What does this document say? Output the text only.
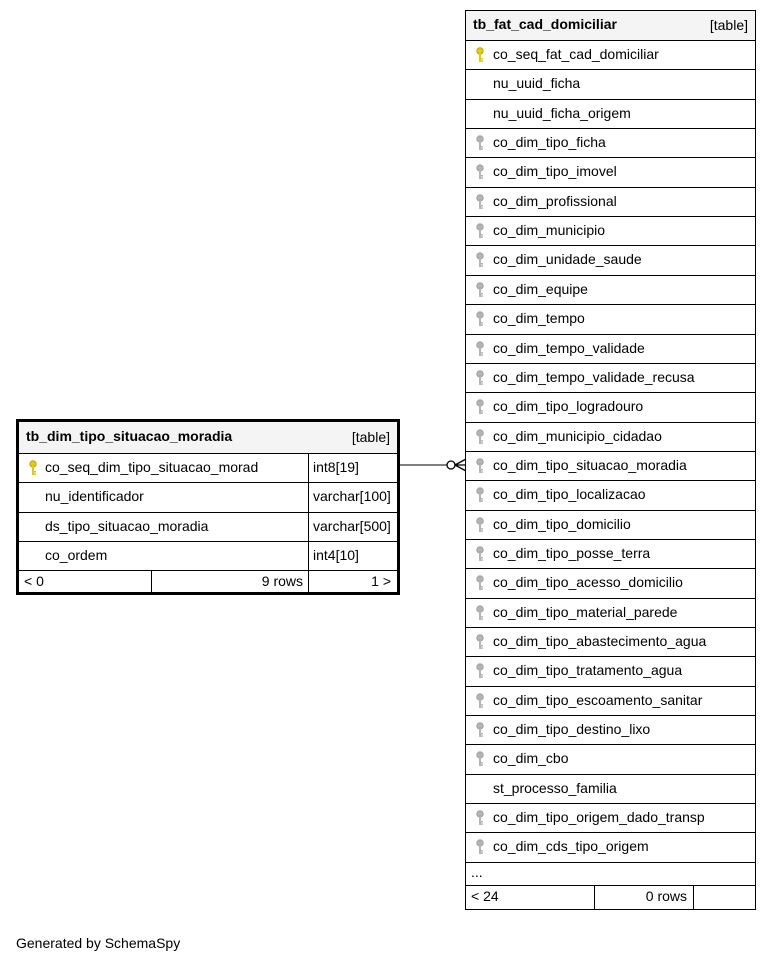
tb_dim_tipo_situacao_moradia	[table]
co_seq_dim_tipo_situacao_morad	int8[19]
nu_identificador	varchar[100]
ds_tipo_situacao_moradia	varchar[500]
co_ordem	int4[10]
< 0	9 rows	1 >
tb_fat_cad_domiciliar	[table]
co_seq_fat_cad_domiciliar
nu_uuid_ficha
nu_uuid_ficha_origem
co_dim_tipo_ficha
co_dim_tipo_imovel
co_dim_profissional
co_dim_municipio
co_dim_unidade_saude
co_dim_equipe
co_dim_tempo
co_dim_tempo_validade
co_dim_tempo_validade_recusa
co_dim_tipo_logradouro
co_dim_municipio_cidadao
co_dim_tipo_situacao_moradia
co_dim_tipo_localizacao
co_dim_tipo_domicilio
co_dim_tipo_posse_terra
co_dim_tipo_acesso_domicilio
co_dim_tipo_material_parede
co_dim_tipo_abastecimento_agua
co_dim_tipo_tratamento_agua
co_dim_tipo_escoamento_sanitar
co_dim_tipo_destino_lixo
co_dim_cbo
st_processo_familia
co_dim_tipo_origem_dado_transp
co_dim_cds_tipo_origem
...
< 24	0 rows
Generated by SchemaSpy
